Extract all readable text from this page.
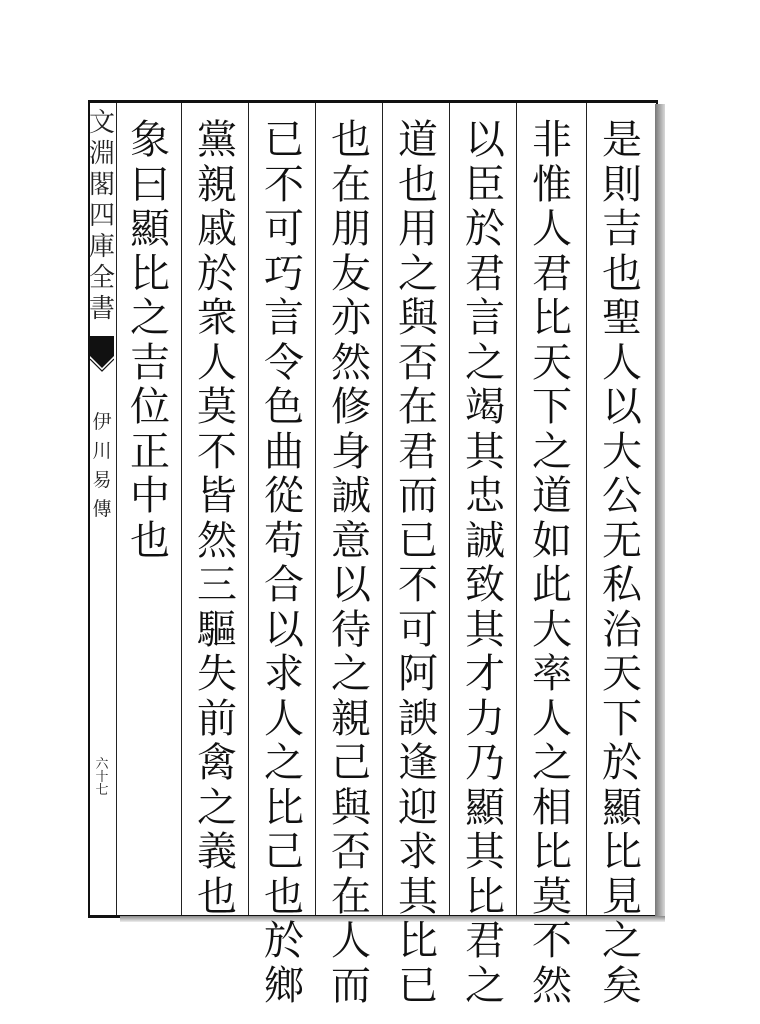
文
淵
閣
四
庫
全
書
伊
川
易
傳
六
十
七
是
則
吉
也
聖
人
以
大
公
无
私
治
天
下
於
顯
比
見
之
矣
非
惟
人
君
比
天
下
之
道
如
此
大
率
人
之
相
比
莫
不
然
以
臣
於
君
言
之
竭
其
忠
誠
致
其
才
力
乃
顯
其
比
君
之
道
也
用
之
與
否
在
君
而
已
不
可
阿
諛
逢
迎
求
其
比
已
也
在
朋
友
亦
然
修
身
誠
意
以
待
之
親
己
與
否
在
人
而
已
不
可
巧
言
令
色
曲
從
苟
合
以
求
人
之
比
己
也
於
鄉
黨
親
戚
於
衆
人
莫
不
皆
然
三
驅
失
前
禽
之
義
也
象
曰
顯
比
之
吉
位
正
中
也
